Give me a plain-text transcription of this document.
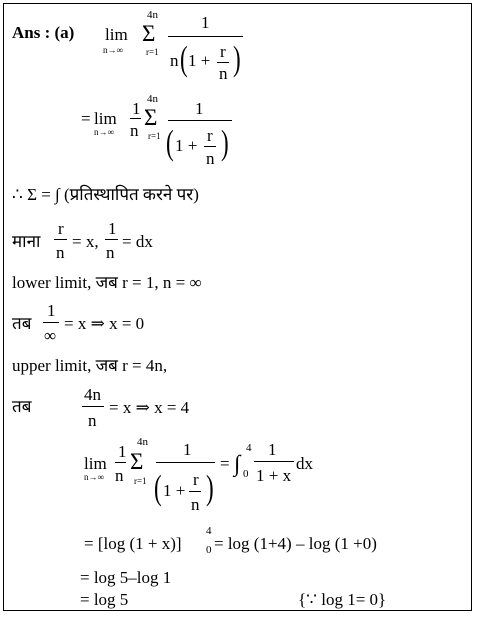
Ans : (a) lim
n→∞
4n
Σ
r=1
1
n ( 1 + r
n )
= lim
n→∞
1
n
4n
Σ
r=1
1
( 1 +
r
n )
∴ Σ = ∫ (प्रतिस्थापित करने पर)
माना
r
n
= x,
1
n
= dx
lower limit, जब r = 1, n = ∞
तब
1
∞
= x ⇒ x = 0
upper limit, जब r = 4n,
तब
4n
n
= x ⇒ x = 4
lim
n→∞
1
n
4n
Σ
r=1
1
( 1 +
r
n )
= ∫
4
0
1
1 + x
dx
= [log (1 + x)]
4
0 = log (1+4) – log (1 +0)
= log 5–log 1
= log 5	{∵ log 1= 0}
